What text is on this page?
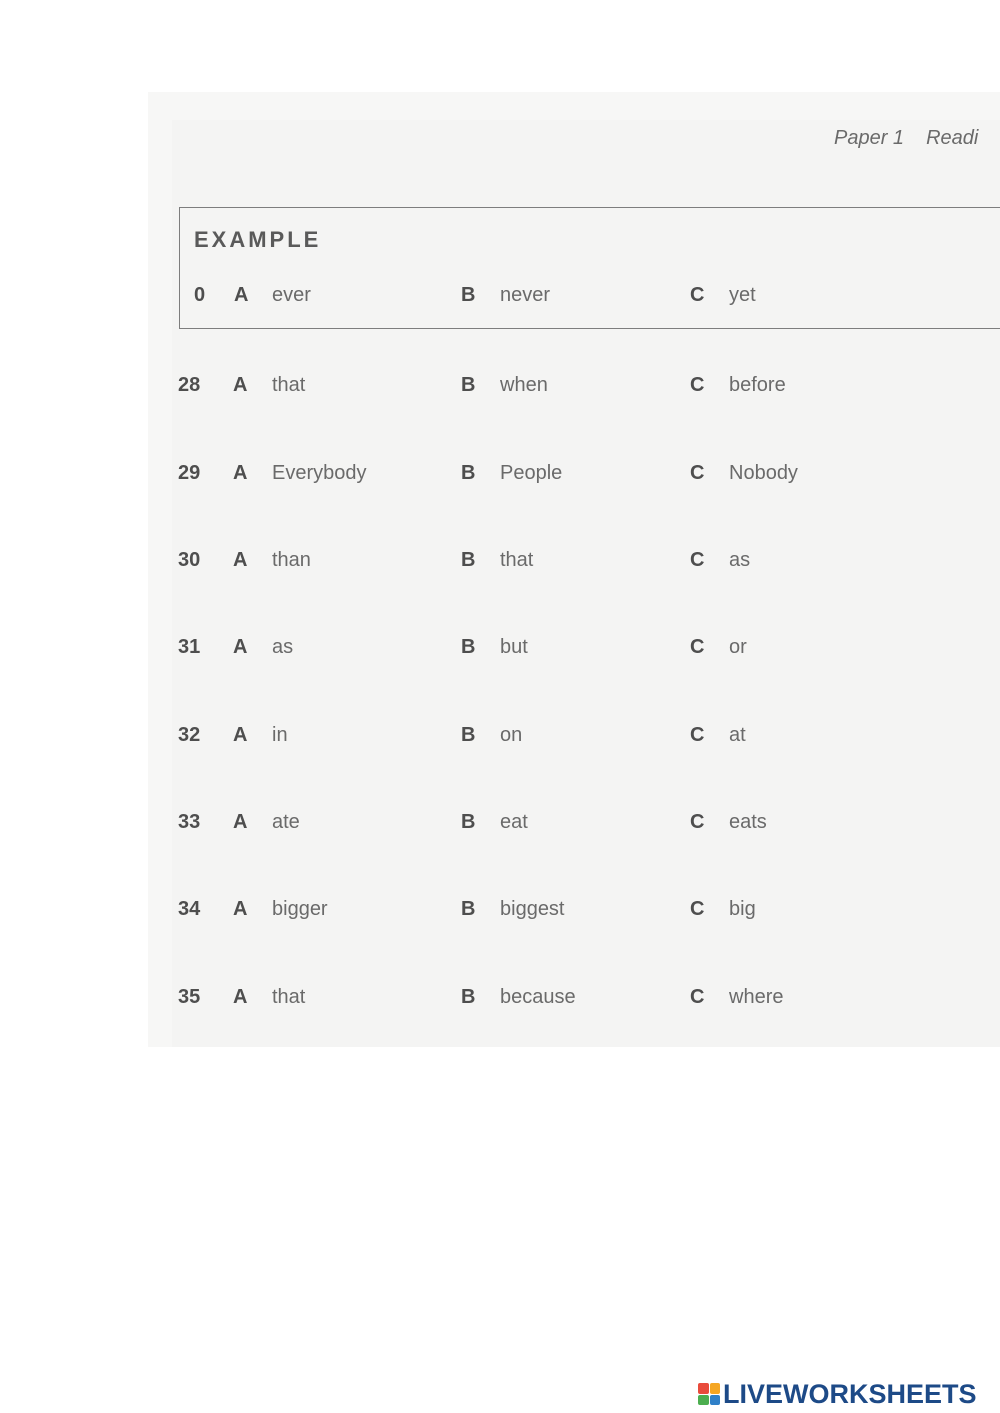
Paper 1 Readi
EXAMPLE
0 A ever	B never	C yet
28 A that	B when	C before
29 A Everybody	B People	C Nobody
30 A than	B that	C as
31 A as	B but	C or
32 A in	B on	C at
33 A ate	B eat	C eats
34 A bigger	B biggest	C big
35 A that	B because	C where
LIVEWORKSHEETS
